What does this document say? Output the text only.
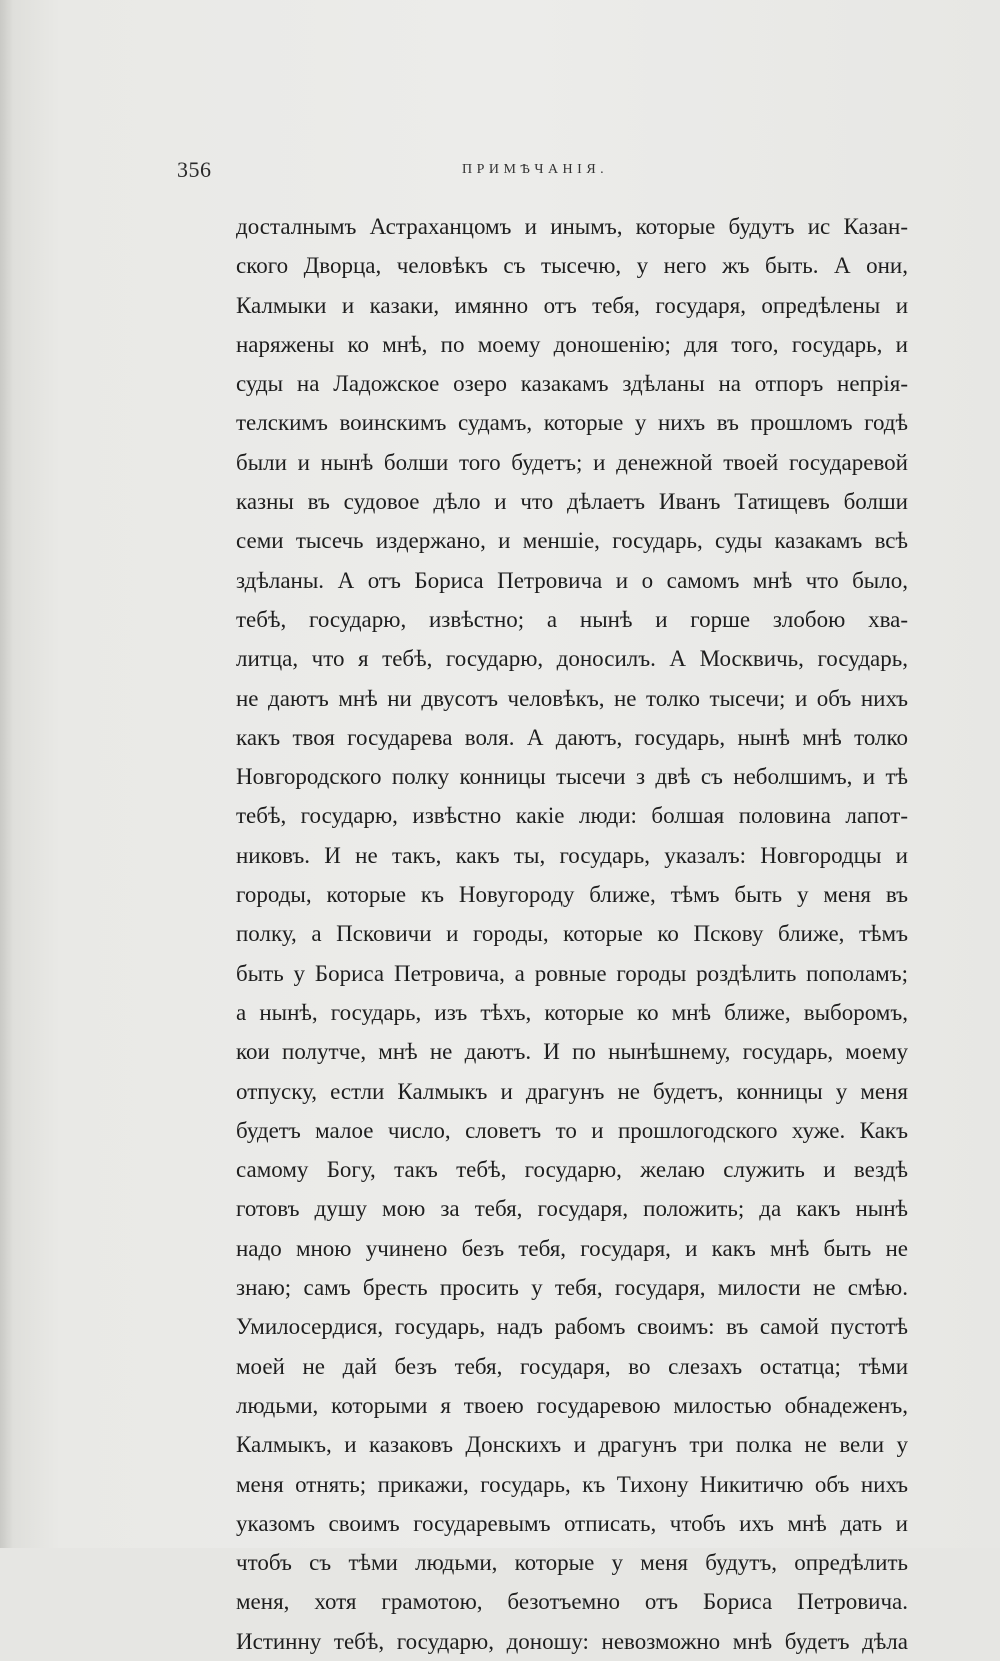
356	ПРИМѢЧАНІЯ.
досталнымъ Астраханцомъ и инымъ, которые будутъ ис Казан-
ского Дворца, человѣкъ съ тысечю, у него жъ быть. А они,
Калмыки и казаки, имянно отъ тебя, государя, опредѣлены и
наряжены ко мнѣ, по моему доношенію; для того, государь, и
суды на Ладожское озеро казакамъ здѣланы на отпоръ непрія-
телскимъ воинскимъ судамъ, которые у нихъ въ прошломъ годѣ
были и нынѣ болши того будетъ; и денежной твоей государевой
казны въ судовое дѣло и что дѣлаетъ Иванъ Татищевъ болши
семи тысечь издержано, и меншіе, государь, суды казакамъ всѣ
здѣланы. А отъ Бориса Петровича и о самомъ мнѣ что было,
тебѣ, государю, извѣстно; а нынѣ и горше злобою хва-
литца, что я тебѣ, государю, доносилъ. А Москвичь, государь,
не даютъ мнѣ ни двусотъ человѣкъ, не толко тысечи; и объ нихъ
какъ твоя государева воля. А даютъ, государь, нынѣ мнѣ толко
Новгородского полку конницы тысечи з двѣ съ неболшимъ, и тѣ
тебѣ, государю, извѣстно какіе люди: болшая половина лапот-
никовъ. И не такъ, какъ ты, государь, указалъ: Новгородцы и
городы, которые къ Новугороду ближе, тѣмъ быть у меня въ
полку, а Псковичи и городы, которые ко Пскову ближе, тѣмъ
быть у Бориса Петровича, а ровные городы роздѣлить пополамъ;
а нынѣ, государь, изъ тѣхъ, которые ко мнѣ ближе, выборомъ,
кои полутче, мнѣ не даютъ. И по нынѣшнему, государь, моему
отпуску, естли Калмыкъ и драгунъ не будетъ, конницы у меня
будетъ малое число, словетъ то и прошлогодского хуже. Какъ
самому Богу, такъ тебѣ, государю, желаю служить и вездѣ
готовъ душу мою за тебя, государя, положить; да какъ нынѣ
надо мною учинено безъ тебя, государя, и какъ мнѣ быть не
знаю; самъ бресть просить у тебя, государя, милости не смѣю.
Умилосердися, государь, надъ рабомъ своимъ: въ самой пустотѣ
моей не дай безъ тебя, государя, во слезахъ остатца; тѣми
людьми, которыми я твоею государевою милостью обнадеженъ,
Калмыкъ, и казаковъ Донскихъ и драгунъ три полка не вели у
меня отнять; прикажи, государь, къ Тихону Никитичю объ нихъ
указомъ своимъ государевымъ отписать, чтобъ ихъ мнѣ дать и
чтобъ съ тѣми людьми, которые у меня будутъ, опредѣлить
меня, хотя грамотою, безотъемно отъ Бориса Петровича.
Истинну тебѣ, государю, доношу: невозможно мнѣ будетъ дѣла
